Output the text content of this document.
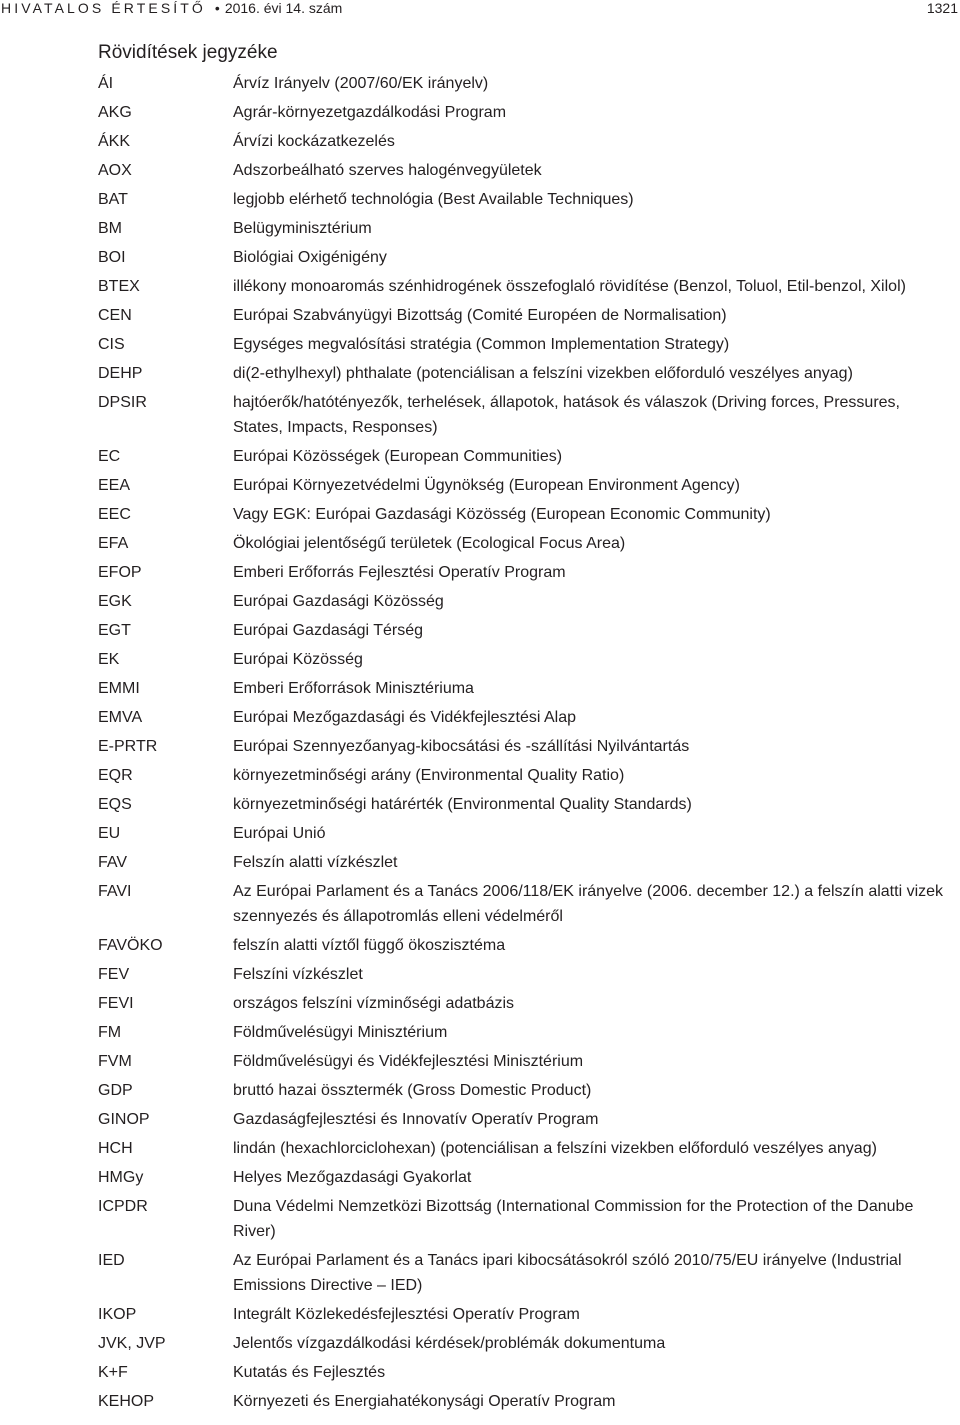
HIVATALOS ÉRTESÍTŐ • 2016. évi 14. szám	1321
Rövidítések jegyzéke
ÁI	Árvíz Irányelv (2007/60/EK irányelv)
AKG	Agrár-környezetgazdálkodási Program
ÁKK	Árvízi kockázatkezelés
AOX	Adszorbeálható szerves halogénvegyületek
BAT	legjobb elérhető technológia (Best Available Techniques)
BM	Belügyminisztérium
BOI	Biológiai Oxigénigény
BTEX	illékony monoaromás szénhidrogének összefoglaló rövidítése (Benzol, Toluol, Etil-benzol, Xilol)
CEN	Európai Szabványügyi Bizottság (Comité Européen de Normalisation)
CIS	Egységes megvalósítási stratégia (Common Implementation Strategy)
DEHP	di(2-ethylhexyl) phthalate (potenciálisan a felszíni vizekben előforduló veszélyes anyag)
DPSIR	hajtóerők/hatótényezők, terhelések, állapotok, hatások és válaszok (Driving forces, Pressures, States, Impacts, Responses)
EC	Európai Közösségek (European Communities)
EEA	Európai Környezetvédelmi Ügynökség (European Environment Agency)
EEC	Vagy EGK: Európai Gazdasági Közösség (European Economic Community)
EFA	Ökológiai jelentőségű területek (Ecological Focus Area)
EFOP	Emberi Erőforrás Fejlesztési Operatív Program
EGK	Európai Gazdasági Közösség
EGT	Európai Gazdasági Térség
EK	Európai Közösség
EMMI	Emberi Erőforrások Minisztériuma
EMVA	Európai Mezőgazdasági és Vidékfejlesztési Alap
E-PRTR	Európai Szennyezőanyag-kibocsátási és -szállítási Nyilvántartás
EQR	környezetminőségi arány (Environmental Quality Ratio)
EQS	környezetminőségi határérték (Environmental Quality Standards)
EU	Európai Unió
FAV	Felszín alatti vízkészlet
FAVI	Az Európai Parlament és a Tanács 2006/118/EK irányelve (2006. december 12.) a felszín alatti vizek szennyezés és állapotromlás elleni védelméről
FAVÖKO	felszín alatti víztől függő ökoszisztéma
FEV	Felszíni vízkészlet
FEVI	országos felszíni vízminőségi adatbázis
FM	Földművelésügyi Minisztérium
FVM	Földművelésügyi és Vidékfejlesztési Minisztérium
GDP	bruttó hazai össztermék (Gross Domestic Product)
GINOP	Gazdaságfejlesztési és Innovatív Operatív Program
HCH	lindán (hexachlorciclohexan) (potenciálisan a felszíni vizekben előforduló veszélyes anyag)
HMGy	Helyes Mezőgazdasági Gyakorlat
ICPDR	Duna Védelmi Nemzetközi Bizottság (International Commission for the Protection of the Danube River)
IED	Az Európai Parlament és a Tanács ipari kibocsátásokról szóló 2010/75/EU irányelve (Industrial Emissions Directive – IED)
IKOP	Integrált Közlekedésfejlesztési Operatív Program
JVK, JVP	Jelentős vízgazdálkodási kérdések/problémák dokumentuma
K+F	Kutatás és Fejlesztés
KEHOP	Környezeti és Energiahatékonysági Operatív Program
